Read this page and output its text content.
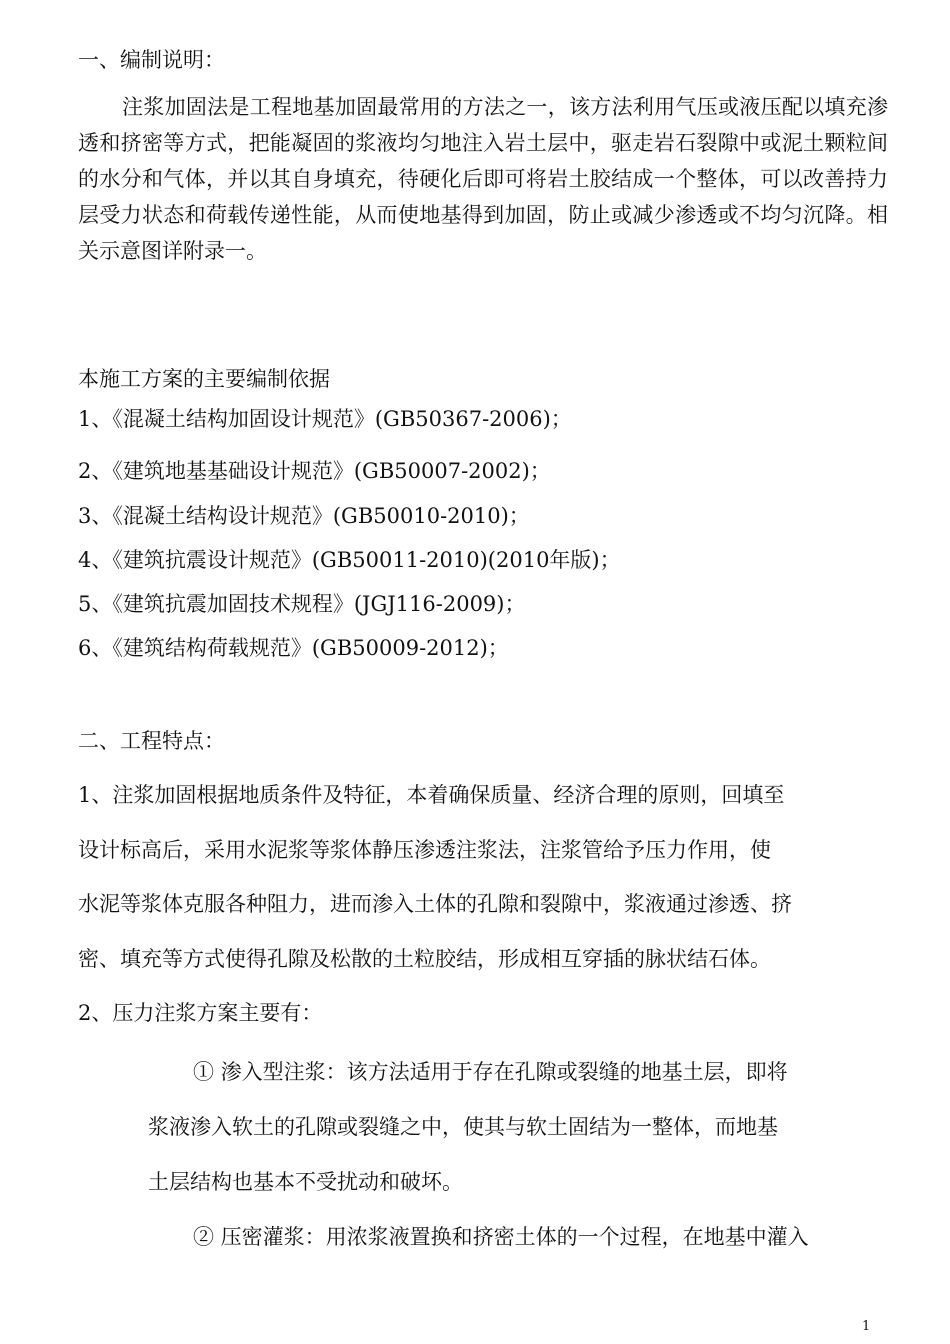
一、编制说明：

注浆加固法是工程地基加固最常用的方法之一，该方法利用气压或液压配以填充渗透和挤密等方式，把能凝固的浆液均匀地注入岩土层中，驱走岩石裂隙中或泥土颗粒间的水分和气体，并以其自身填充，待硬化后即可将岩土胶结成一个整体，可以改善持力层受力状态和荷载传递性能，从而使地基得到加固，防止或减少渗透或不均匀沉降。相关示意图详附录一。

本施工方案的主要编制依据

1、《混凝土结构加固设计规范》(GB50367-2006)；

2、《建筑地基基础设计规范》(GB50007-2002)；

3、《混凝土结构设计规范》(GB50010-2010)；

4、《建筑抗震设计规范》(GB50011-2010)(2010年版)；

5、《建筑抗震加固技术规程》(JGJ116-2009)；

6、《建筑结构荷载规范》(GB50009-2012)；

二、工程特点：

1、注浆加固根据地质条件及特征，本着确保质量、经济合理的原则，回填至

设计标高后，采用水泥浆等浆体静压渗透注浆法，注浆管给予压力作用，使

水泥等浆体克服各种阻力，进而渗入土体的孔隙和裂隙中，浆液通过渗透、挤

密、填充等方式使得孔隙及松散的土粒胶结，形成相互穿插的脉状结石体。

2、压力注浆方案主要有：

① 渗入型注浆：该方法适用于存在孔隙或裂缝的地基土层，即将

浆液渗入软土的孔隙或裂缝之中，使其与软土固结为一整体，而地基

土层结构也基本不受扰动和破坏。

② 压密灌浆：用浓浆液置换和挤密土体的一个过程，在地基中灌入

1
